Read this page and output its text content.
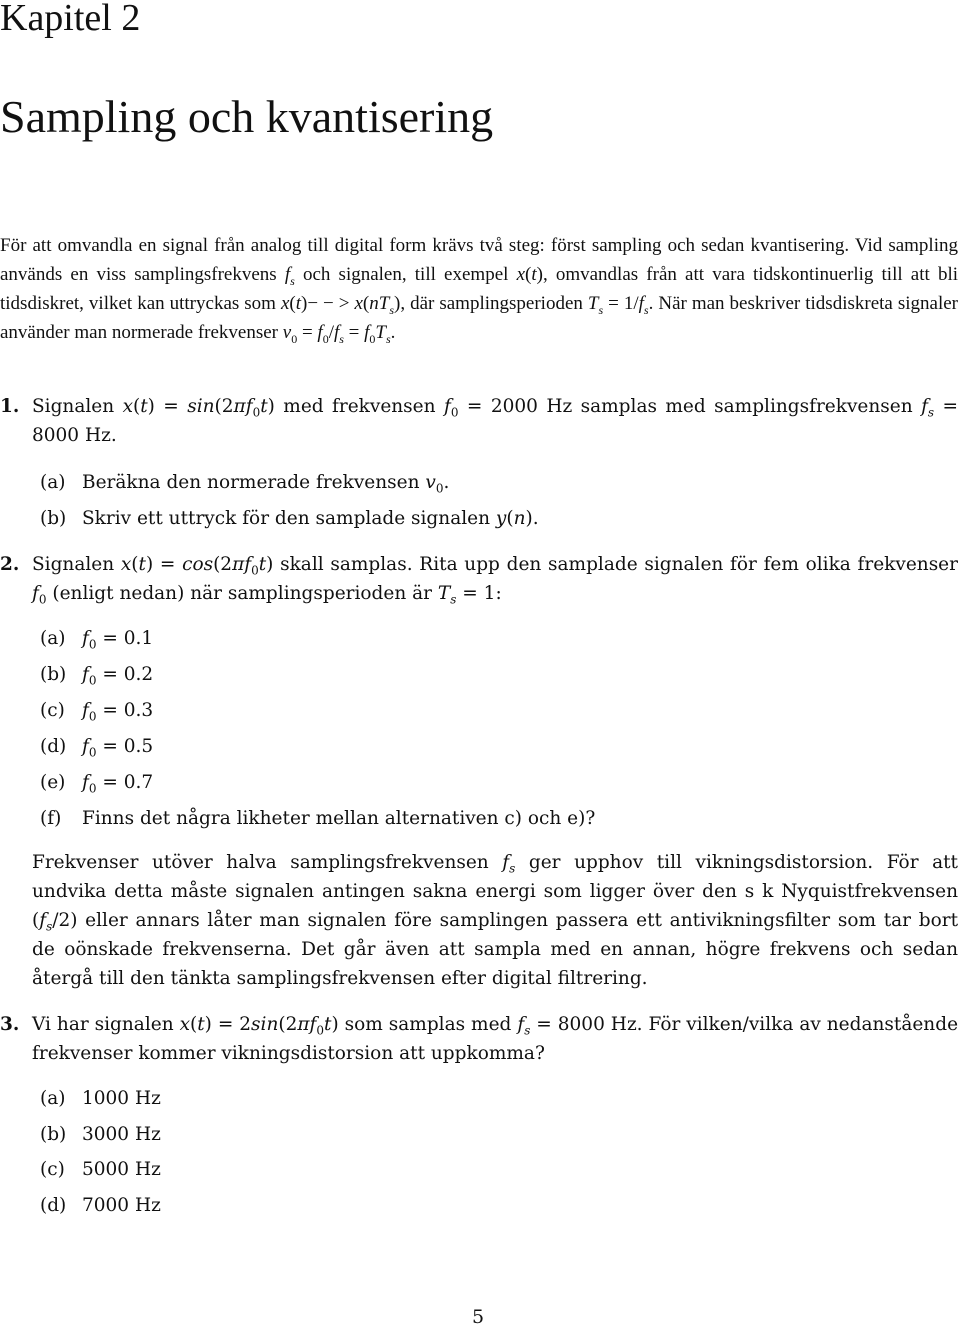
Kapitel 2
Sampling och kvantisering
För att omvandla en signal från analog till digital form krävs två steg: först sampling och sedan kvantisering. Vid sampling används en viss samplingsfrekvens $f_s$ och signalen, till exempel x(t), omvandlas från att vara tidskontinuerlig till att bli tidsdiskret, vilket kan uttryckas som x(t)− − > $x(nT_s)$, där samplingsperioden $T_s = 1/f_s$. När man beskriver tidsdiskreta signaler använder man normerade frekvenser $v_0 = f_0/f_s = f_0T_s$.
1. Signalen $x(t) = \sin(2\pi f_0t)$ med frekvensen $f_0 = 2000$ Hz samplas med samplingsfrekvensen $f_s = 8000$ Hz.
(a) Beräkna den normerade frekvensen $v_0$.
(b) Skriv ett uttryck för den samplade signalen y(n).
2. Signalen $x(t) = \cos(2\pi f_0t)$ skall samplas. Rita upp den samplade signalen för fem olika frekvenser $f_0$ (enligt nedan) när samplingsperioden är $T_s = 1$:
(a) $f_0 = 0.1$
(b) $f_0 = 0.2$
(c) $f_0 = 0.3$
(d) $f_0 = 0.5$
(e) $f_0 = 0.7$
(f) Finns det några likheter mellan alternativen c) och e)?
Frekvenser utöver halva samplingsfrekvensen $f_s$ ger upphov till vikningsdistorsion. För att undvika detta måste signalen antingen sakna energi som ligger över den s k Nyquistfrekvensen $(f_s/2)$ eller annars låter man signalen före samplingen passera ett antivikningsfilter som tar bort de oönskade frekvenserna. Det går även att sampla med en annan, högre frekvens och sedan återgå till den tänkta samplingsfrekvensen efter digital filtrering.
3. Vi har signalen $x(t) = 2\sin(2\pi f_0t)$ som samplas med $f_s = 8000$ Hz. För vilken/vilka av nedanstående frekvenser kommer vikningsdistorsion att uppkomma?
(a) 1000 Hz
(b) 3000 Hz
(c) 5000 Hz
(d) 7000 Hz
5
